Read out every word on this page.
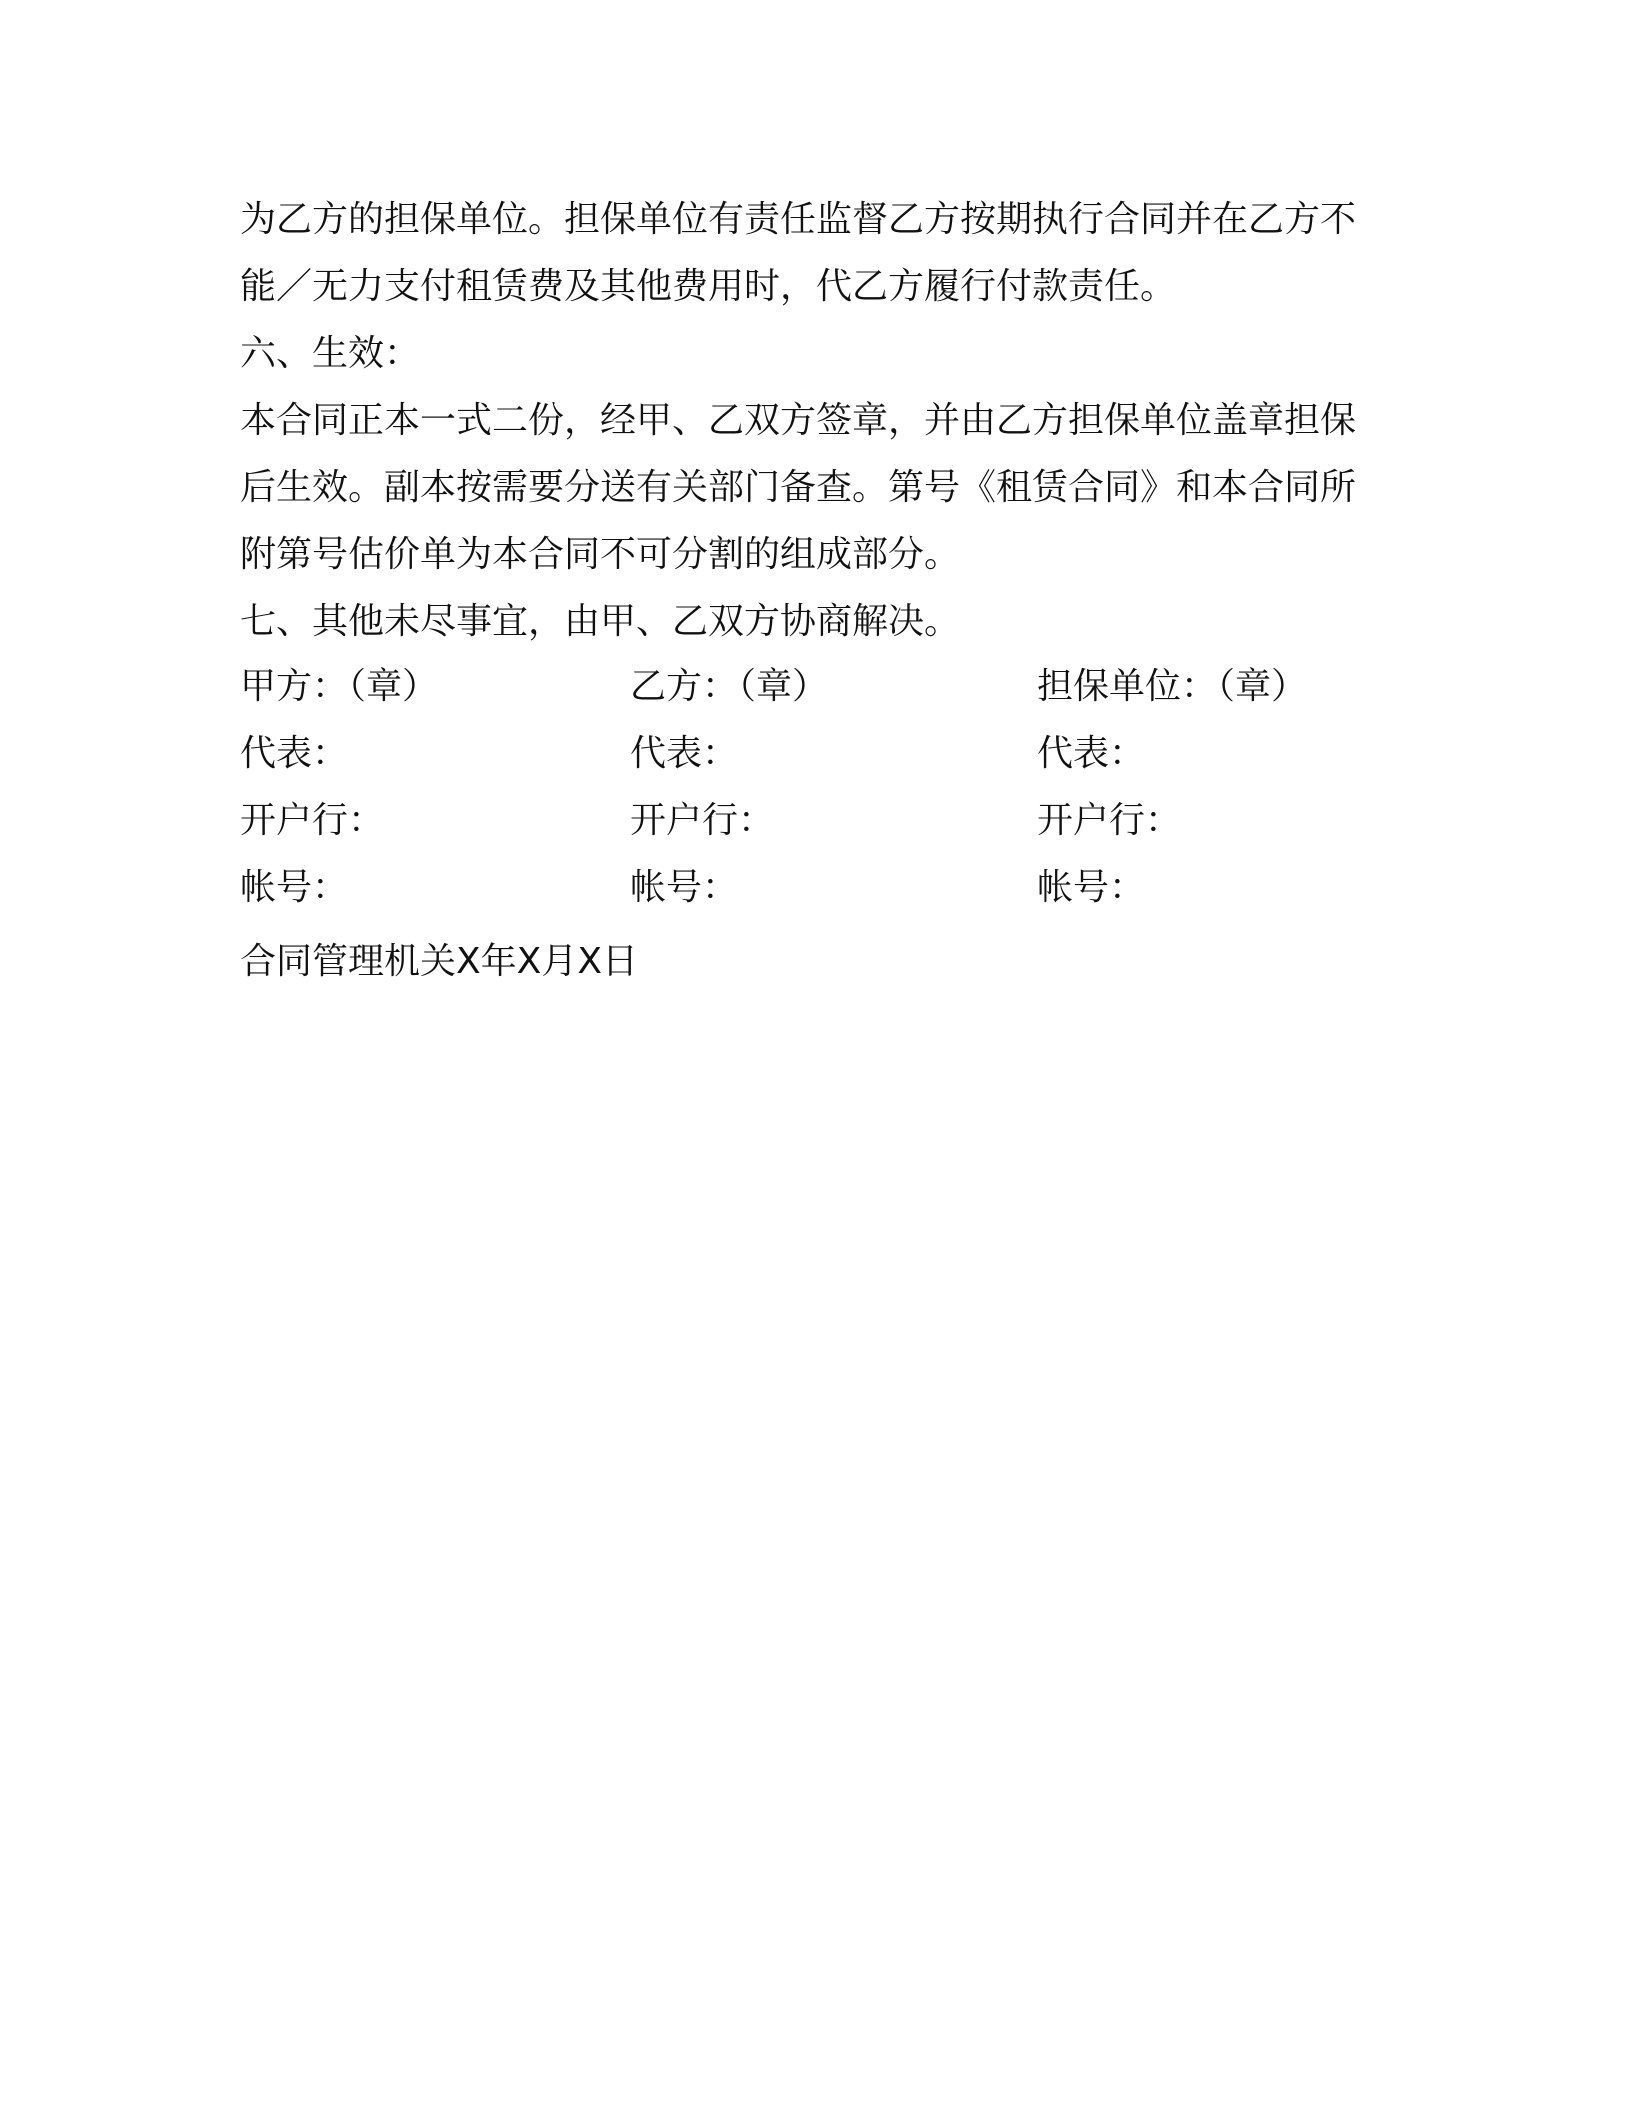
为乙方的担保单位。担保单位有责任监督乙方按期执行合同并在乙方不
能／无力支付租赁费及其他费用时，代乙方履行付款责任。
六、生效：
本合同正本一式二份，经甲、乙双方签章，并由乙方担保单位盖章担保
后生效。副本按需要分送有关部门备查。第号《租赁合同》和本合同所
附第号估价单为本合同不可分割的组成部分。
七、其他未尽事宜，由甲、乙双方协商解决。
甲方：（章）	乙方：（章）	担保单位：（章）
代表：	代表：	代表：
开户行：	开户行：	开户行：
帐号：	帐号：	帐号：
合同管理机关X年X月X日
